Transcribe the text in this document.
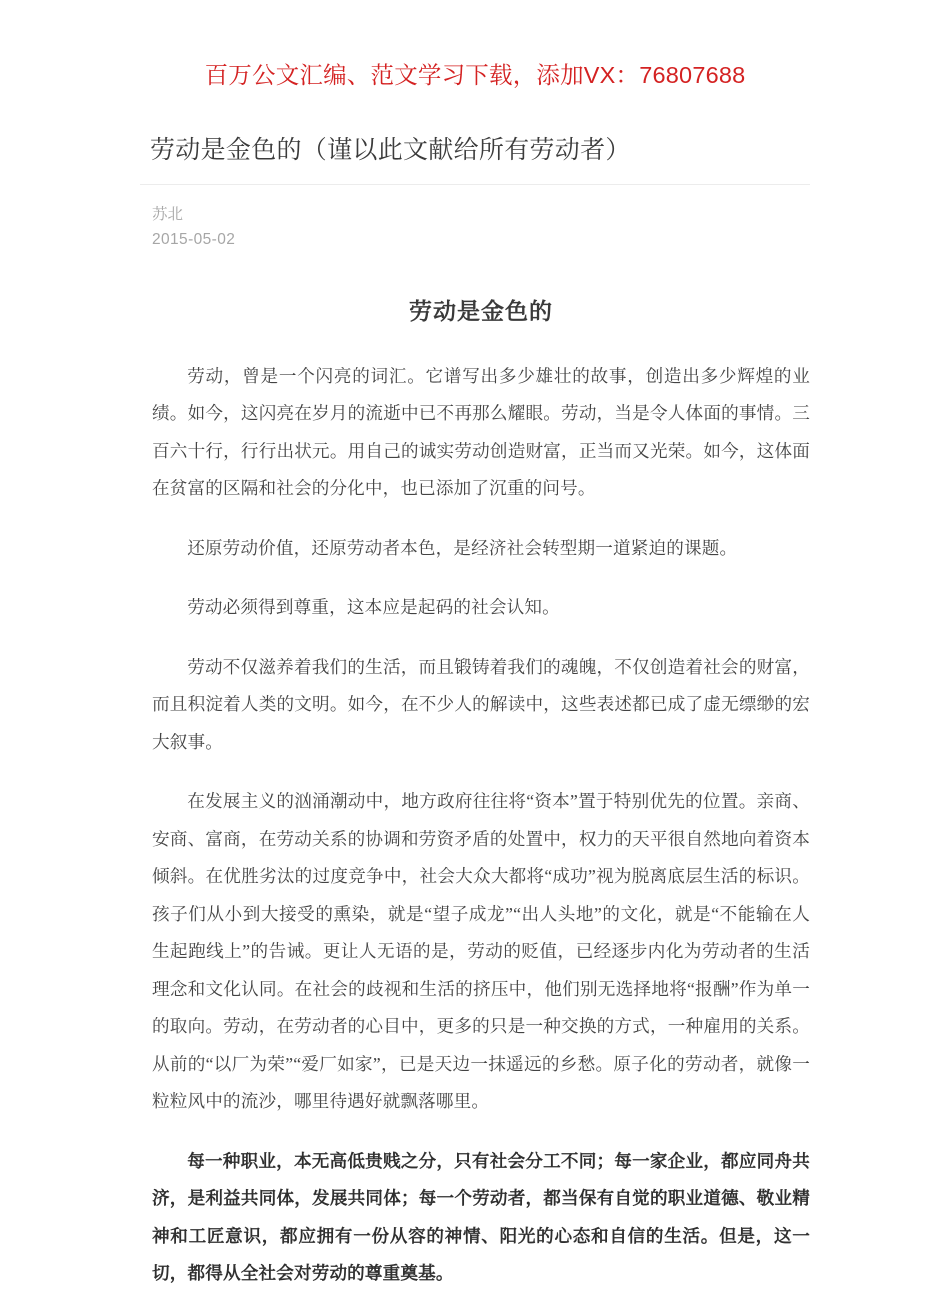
百万公文汇编、范文学习下载，添加VX：76807688
劳动是金色的（谨以此文献给所有劳动者）
苏北
2015-05-02
劳动是金色的

劳动，曾是一个闪亮的词汇。它谱写出多少雄壮的故事，创造出多少辉煌的业绩。如今，这闪亮在岁月的流逝中已不再那么耀眼。劳动，当是令人体面的事情。三百六十行，行行出状元。用自己的诚实劳动创造财富，正当而又光荣。如今，这体面在贫富的区隔和社会的分化中，也已添加了沉重的问号。

还原劳动价值，还原劳动者本色，是经济社会转型期一道紧迫的课题。

劳动必须得到尊重，这本应是起码的社会认知。

劳动不仅滋养着我们的生活，而且锻铸着我们的魂魄，不仅创造着社会的财富，而且积淀着人类的文明。如今，在不少人的解读中，这些表述都已成了虚无缥缈的宏大叙事。

在发展主义的汹涌潮动中，地方政府往往将“资本”置于特别优先的位置。亲商、安商、富商，在劳动关系的协调和劳资矛盾的处置中，权力的天平很自然地向着资本倾斜。在优胜劣汰的过度竞争中，社会大众大都将“成功”视为脱离底层生活的标识。孩子们从小到大接受的熏染，就是“望子成龙”“出人头地”的文化，就是“不能输在人生起跑线上”的告诫。更让人无语的是，劳动的贬值，已经逐步内化为劳动者的生活理念和文化认同。在社会的歧视和生活的挤压中，他们别无选择地将“报酬”作为单一的取向。劳动，在劳动者的心目中，更多的只是一种交换的方式，一种雇用的关系。从前的“以厂为荣”“爱厂如家”，已是天边一抹遥远的乡愁。原子化的劳动者，就像一粒粒风中的流沙，哪里待遇好就飘落哪里。

每一种职业，本无高低贵贱之分，只有社会分工不同；每一家企业，都应同舟共济，是利益共同体，发展共同体；每一个劳动者，都当保有自觉的职业道德、敬业精神和工匠意识，都应拥有一份从容的神情、阳光的心态和自信的生活。但是，这一切，都得从全社会对劳动的尊重奠基。
